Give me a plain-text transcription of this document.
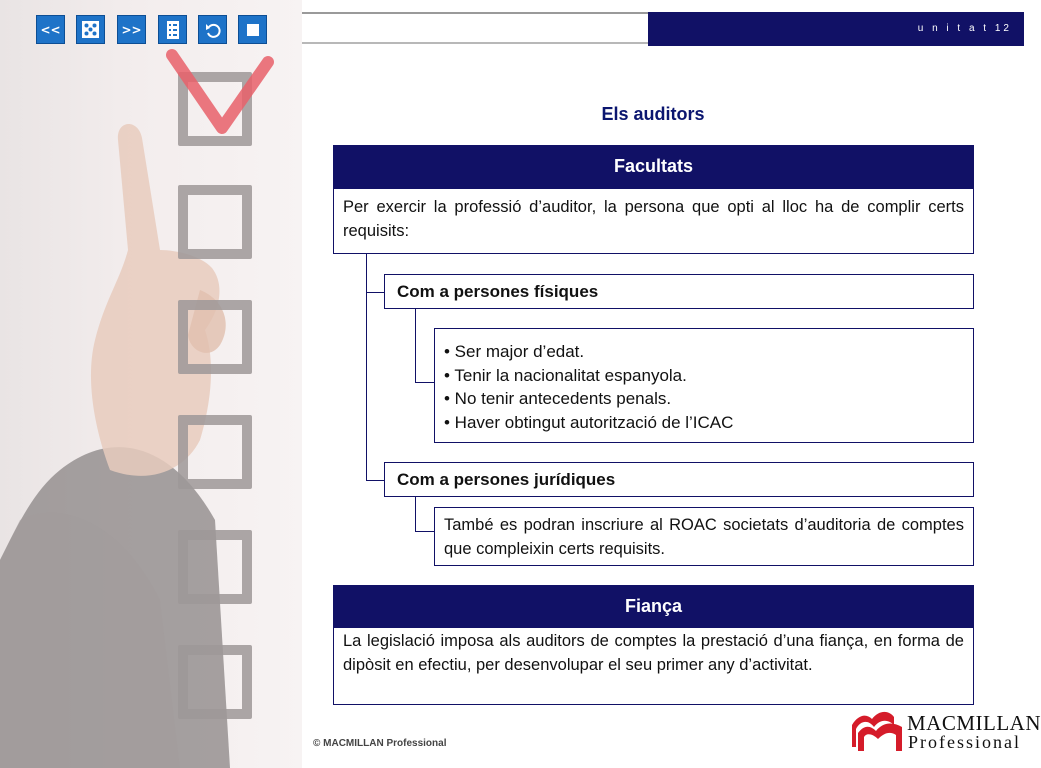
<<	>>	u n i t a t 12
Els auditors
Facultats
Per exercir la professió d’auditor, la persona que opti al lloc ha de complir certs requisits:
Com a persones físiques
• Ser major d’edat.
• Tenir la nacionalitat espanyola.
• No tenir antecedents penals.
• Haver obtingut autorització de l’ICAC
Com a persones jurídiques
També es podran inscriure al ROAC societats d’auditoria de comptes que compleixin certs requisits.
Fiança
La legislació imposa als auditors de comptes la prestació d’una fiança, en forma de dipòsit en efectiu, per desenvolupar el seu primer any d’activitat.
© MACMILLAN Professional
MACMILLAN
Professional
